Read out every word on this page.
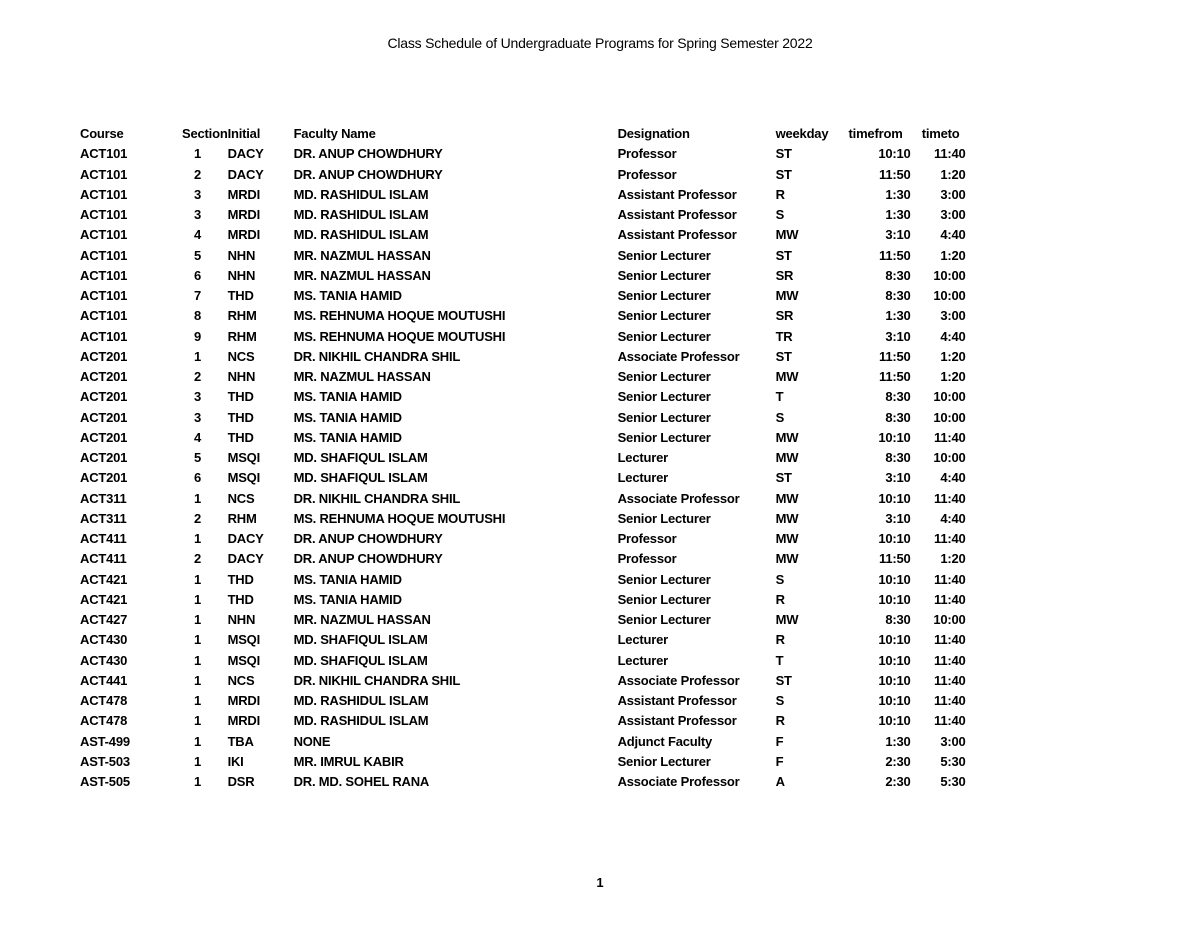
Class Schedule of Undergraduate Programs for Spring Semester 2022
Course	Section	Initial	Faculty Name	Designation	weekday	timefrom	timeto
ACT101	1	DACY	DR. ANUP CHOWDHURY	Professor	ST	10:10	11:40
ACT101	2	DACY	DR. ANUP CHOWDHURY	Professor	ST	11:50	1:20
ACT101	3	MRDI	MD. RASHIDUL ISLAM	Assistant Professor	R	1:30	3:00
ACT101	3	MRDI	MD. RASHIDUL ISLAM	Assistant Professor	S	1:30	3:00
ACT101	4	MRDI	MD. RASHIDUL ISLAM	Assistant Professor	MW	3:10	4:40
ACT101	5	NHN	MR. NAZMUL HASSAN	Senior Lecturer	ST	11:50	1:20
ACT101	6	NHN	MR. NAZMUL HASSAN	Senior Lecturer	SR	8:30	10:00
ACT101	7	THD	MS. TANIA HAMID	Senior Lecturer	MW	8:30	10:00
ACT101	8	RHM	MS. REHNUMA HOQUE MOUTUSHI	Senior Lecturer	SR	1:30	3:00
ACT101	9	RHM	MS. REHNUMA HOQUE MOUTUSHI	Senior Lecturer	TR	3:10	4:40
ACT201	1	NCS	DR. NIKHIL CHANDRA SHIL	Associate Professor	ST	11:50	1:20
ACT201	2	NHN	MR. NAZMUL HASSAN	Senior Lecturer	MW	11:50	1:20
ACT201	3	THD	MS. TANIA HAMID	Senior Lecturer	T	8:30	10:00
ACT201	3	THD	MS. TANIA HAMID	Senior Lecturer	S	8:30	10:00
ACT201	4	THD	MS. TANIA HAMID	Senior Lecturer	MW	10:10	11:40
ACT201	5	MSQI	MD. SHAFIQUL ISLAM	Lecturer	MW	8:30	10:00
ACT201	6	MSQI	MD. SHAFIQUL ISLAM	Lecturer	ST	3:10	4:40
ACT311	1	NCS	DR. NIKHIL CHANDRA SHIL	Associate Professor	MW	10:10	11:40
ACT311	2	RHM	MS. REHNUMA HOQUE MOUTUSHI	Senior Lecturer	MW	3:10	4:40
ACT411	1	DACY	DR. ANUP CHOWDHURY	Professor	MW	10:10	11:40
ACT411	2	DACY	DR. ANUP CHOWDHURY	Professor	MW	11:50	1:20
ACT421	1	THD	MS. TANIA HAMID	Senior Lecturer	S	10:10	11:40
ACT421	1	THD	MS. TANIA HAMID	Senior Lecturer	R	10:10	11:40
ACT427	1	NHN	MR. NAZMUL HASSAN	Senior Lecturer	MW	8:30	10:00
ACT430	1	MSQI	MD. SHAFIQUL ISLAM	Lecturer	R	10:10	11:40
ACT430	1	MSQI	MD. SHAFIQUL ISLAM	Lecturer	T	10:10	11:40
ACT441	1	NCS	DR. NIKHIL CHANDRA SHIL	Associate Professor	ST	10:10	11:40
ACT478	1	MRDI	MD. RASHIDUL ISLAM	Assistant Professor	S	10:10	11:40
ACT478	1	MRDI	MD. RASHIDUL ISLAM	Assistant Professor	R	10:10	11:40
AST-499	1	TBA	NONE	Adjunct Faculty	F	1:30	3:00
AST-503	1	IKI	MR. IMRUL KABIR	Senior Lecturer	F	2:30	5:30
AST-505	1	DSR	DR. MD. SOHEL RANA	Associate Professor	A	2:30	5:30
1
